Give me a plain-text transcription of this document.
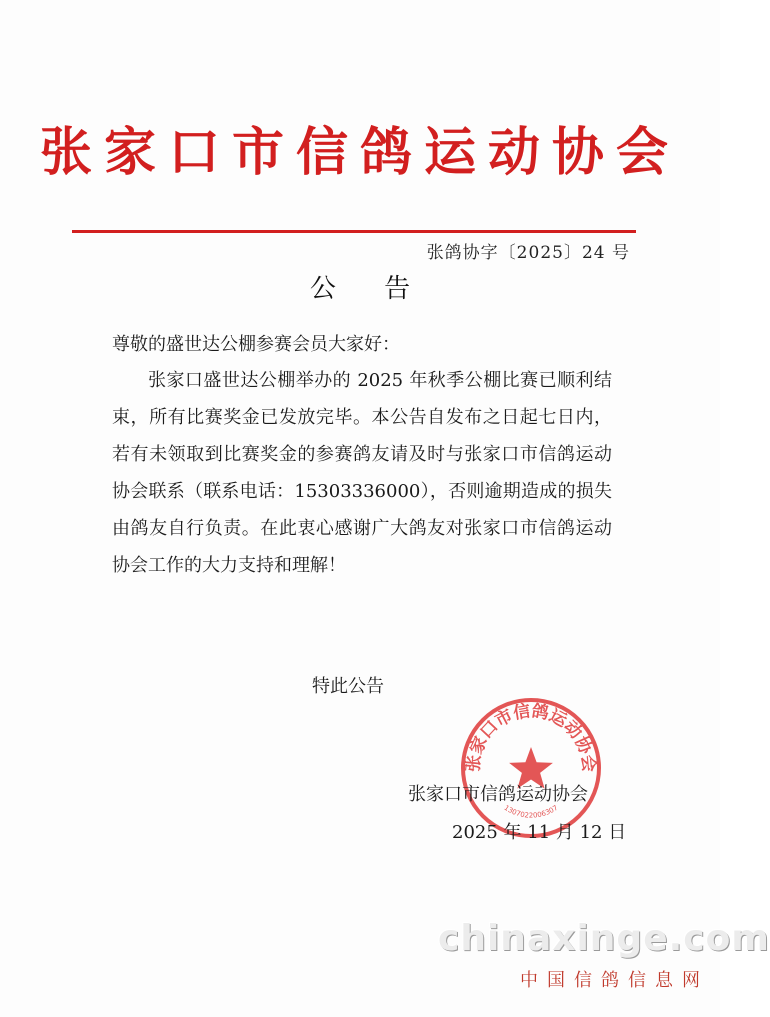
张家口市信鸽运动协会
张鸽协字〔2025〕24 号
公 告
尊敬的盛世达公棚参赛会员大家好：
张家口盛世达公棚举办的 2025 年秋季公棚比赛已顺利结束，所有比赛奖金已发放完毕。本公告自发布之日起七日内，若有未领取到比赛奖金的参赛鸽友请及时与张家口市信鸽运动协会联系（联系电话：15303336000），否则逾期造成的损失由鸽友自行负责。在此衷心感谢广大鸽友对张家口市信鸽运动协会工作的大力支持和理解！
特此公告
张家口市信鸽运动协会
1307022006307
张家口市信鸽运动协会
2025 年 11 月 12 日
chinaxinge.com
中国信鸽信息网
